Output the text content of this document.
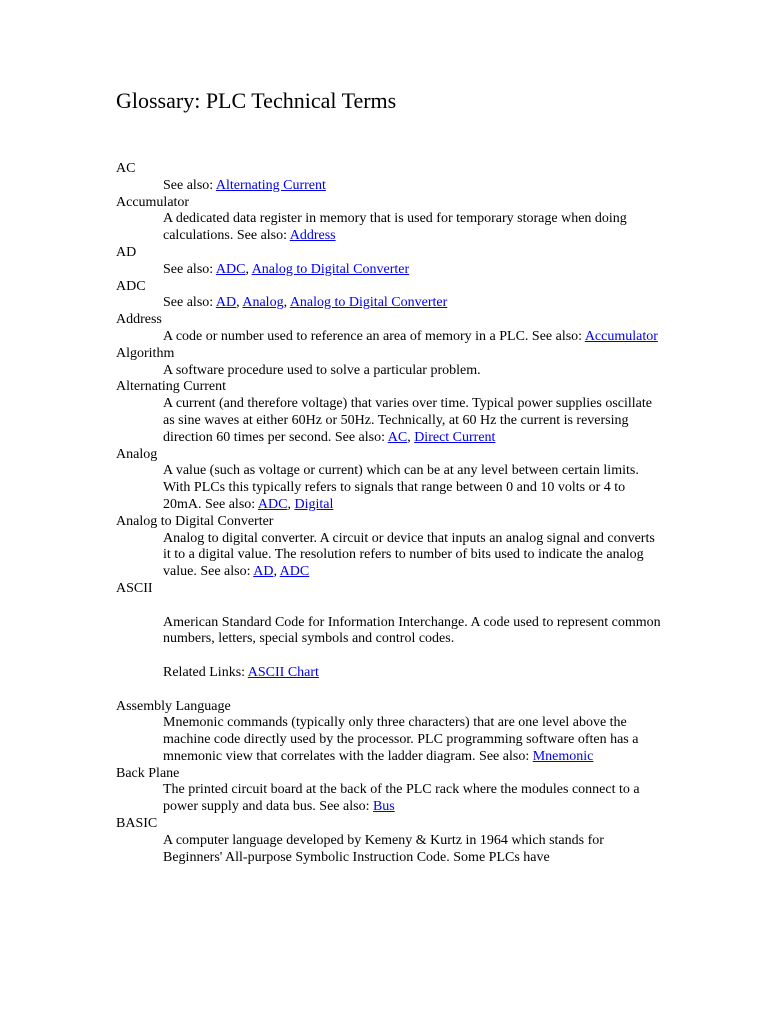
Glossary: PLC Technical Terms
AC
See also: Alternating Current
Accumulator
A dedicated data register in memory that is used for temporary storage when doing calculations. See also: Address
AD
See also: ADC, Analog to Digital Converter
ADC
See also: AD, Analog, Analog to Digital Converter
Address
A code or number used to reference an area of memory in a PLC. See also: Accumulator
Algorithm
A software procedure used to solve a particular problem.
Alternating Current
A current (and therefore voltage) that varies over time. Typical power supplies oscillate as sine waves at either 60Hz or 50Hz. Technically, at 60 Hz the current is reversing direction 60 times per second. See also: AC, Direct Current
Analog
A value (such as voltage or current) which can be at any level between certain limits. With PLCs this typically refers to signals that range between 0 and 10 volts or 4 to 20mA. See also: ADC, Digital
Analog to Digital Converter
Analog to digital converter. A circuit or device that inputs an analog signal and converts it to a digital value. The resolution refers to number of bits used to indicate the analog value. See also: AD, ADC
ASCII

American Standard Code for Information Interchange. A code used to represent common numbers, letters, special symbols and control codes.

Related Links: ASCII Chart

Assembly Language
Mnemonic commands (typically only three characters) that are one level above the machine code directly used by the processor. PLC programming software often has a mnemonic view that correlates with the ladder diagram. See also: Mnemonic
Back Plane
The printed circuit board at the back of the PLC rack where the modules connect to a power supply and data bus. See also: Bus
BASIC
A computer language developed by Kemeny & Kurtz in 1964 which stands for Beginners' All-purpose Symbolic Instruction Code. Some PLCs have
